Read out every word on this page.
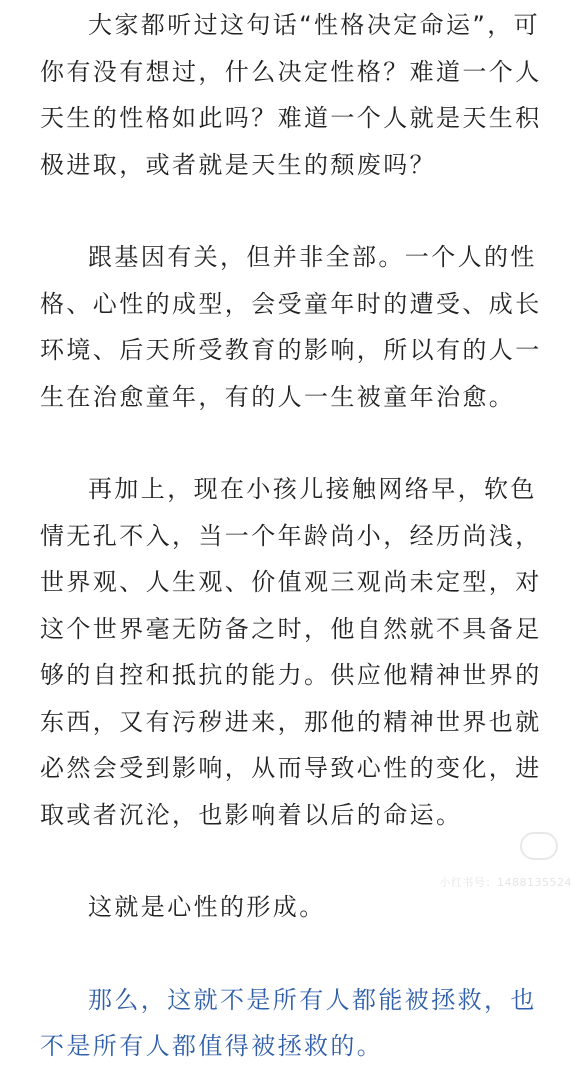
大家都听过这句话“性格决定命运”，可你有没有想过，什么决定性格？难道一个人天生的性格如此吗？难道一个人就是天生积极进取，或者就是天生的颓废吗？

跟基因有关，但并非全部。一个人的性格、心性的成型，会受童年时的遭受、成长环境、后天所受教育的影响，所以有的人一生在治愈童年，有的人一生被童年治愈。

再加上，现在小孩儿接触网络早，软色情无孔不入，当一个年龄尚小，经历尚浅，世界观、人生观、价值观三观尚未定型，对这个世界毫无防备之时，他自然就不具备足够的自控和抵抗的能力。供应他精神世界的东西，又有污秽进来，那他的精神世界也就必然会受到影响，从而导致心性的变化，进取或者沉沦，也影响着以后的命运。

这就是心性的形成。

那么，这就不是所有人都能被拯救，也不是所有人都值得被拯救的。

小红书号：1488135524
